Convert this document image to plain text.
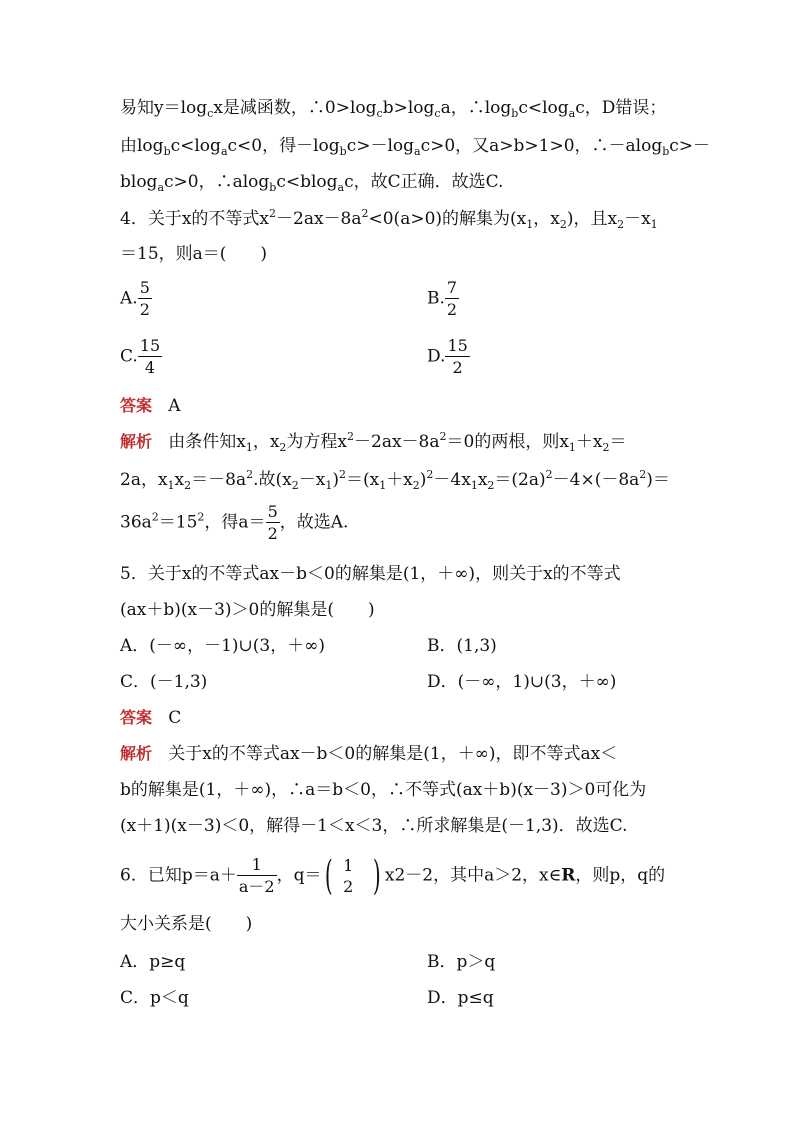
易知$y=\log_cx$是减函数，$\therefore 0>\log_cb>\log_ca$，$\therefore\log_bc<\log_ac$，D错误；
由$\log_bc<\log_ac<0$，得$-\log_bc>-\log_ac>0$，又a>b>1>0，∴－alog$_b$c>－
blog$_a$c>0，∴alog$_b$c<blog$_a$c，故C正确．故选C.
4．关于x的不等式$x^2-2ax-8a^2<0(a>0)$的解集为($x_1$，$x_2$)，且$x_2-x_1$
＝15，则a＝(　　)
A. $\frac{5}{2}$	B. $\frac{7}{2}$
C. $\frac{15}{4}$	D. $\frac{15}{2}$
答案 A
解析 由条件知$x_1$，$x_2$为方程$x^2-2ax-8a^2=0$的两根，则$x_1+x_2=$
2a，$x_1x_2=-8a^2$.故$(x_2-x_1)^2=(x_1+x_2)^2-4x_1x_2=(2a)^2-4\times(-8a^2)=$
$36a^2=15^2$，得$a= \frac{5}{2}$ ，故选A.
5．关于x的不等式ax－b＜0的解集是(1，＋∞)，则关于x的不等式
(ax＋b)(x－3)＞0的解集是(　　)
A．(－∞，－1)∪(3，＋∞)	B．(1,3)
C．(－1,3)	D．(－∞，1)∪(3，＋∞)
答案 C
解析 关于x的不等式ax－b＜0的解集是(1，＋∞)，即不等式ax＜
b的解集是(1，＋∞)，∴a＝b＜0，∴不等式(ax＋b)(x－3)＞0可化为
(x＋1)(x－3)＜0，解得－1＜x＜3，∴所求解集是(－1,3)．故选C.
6．已知$p=a+ \frac{1}{a-2}$ ，q＝( 1
2 ) x2－2，其中a＞2，x∈R，则p，q的
大小关系是(　　)
A．p≥q	B．p＞q
C．p＜q	D．p≤q
